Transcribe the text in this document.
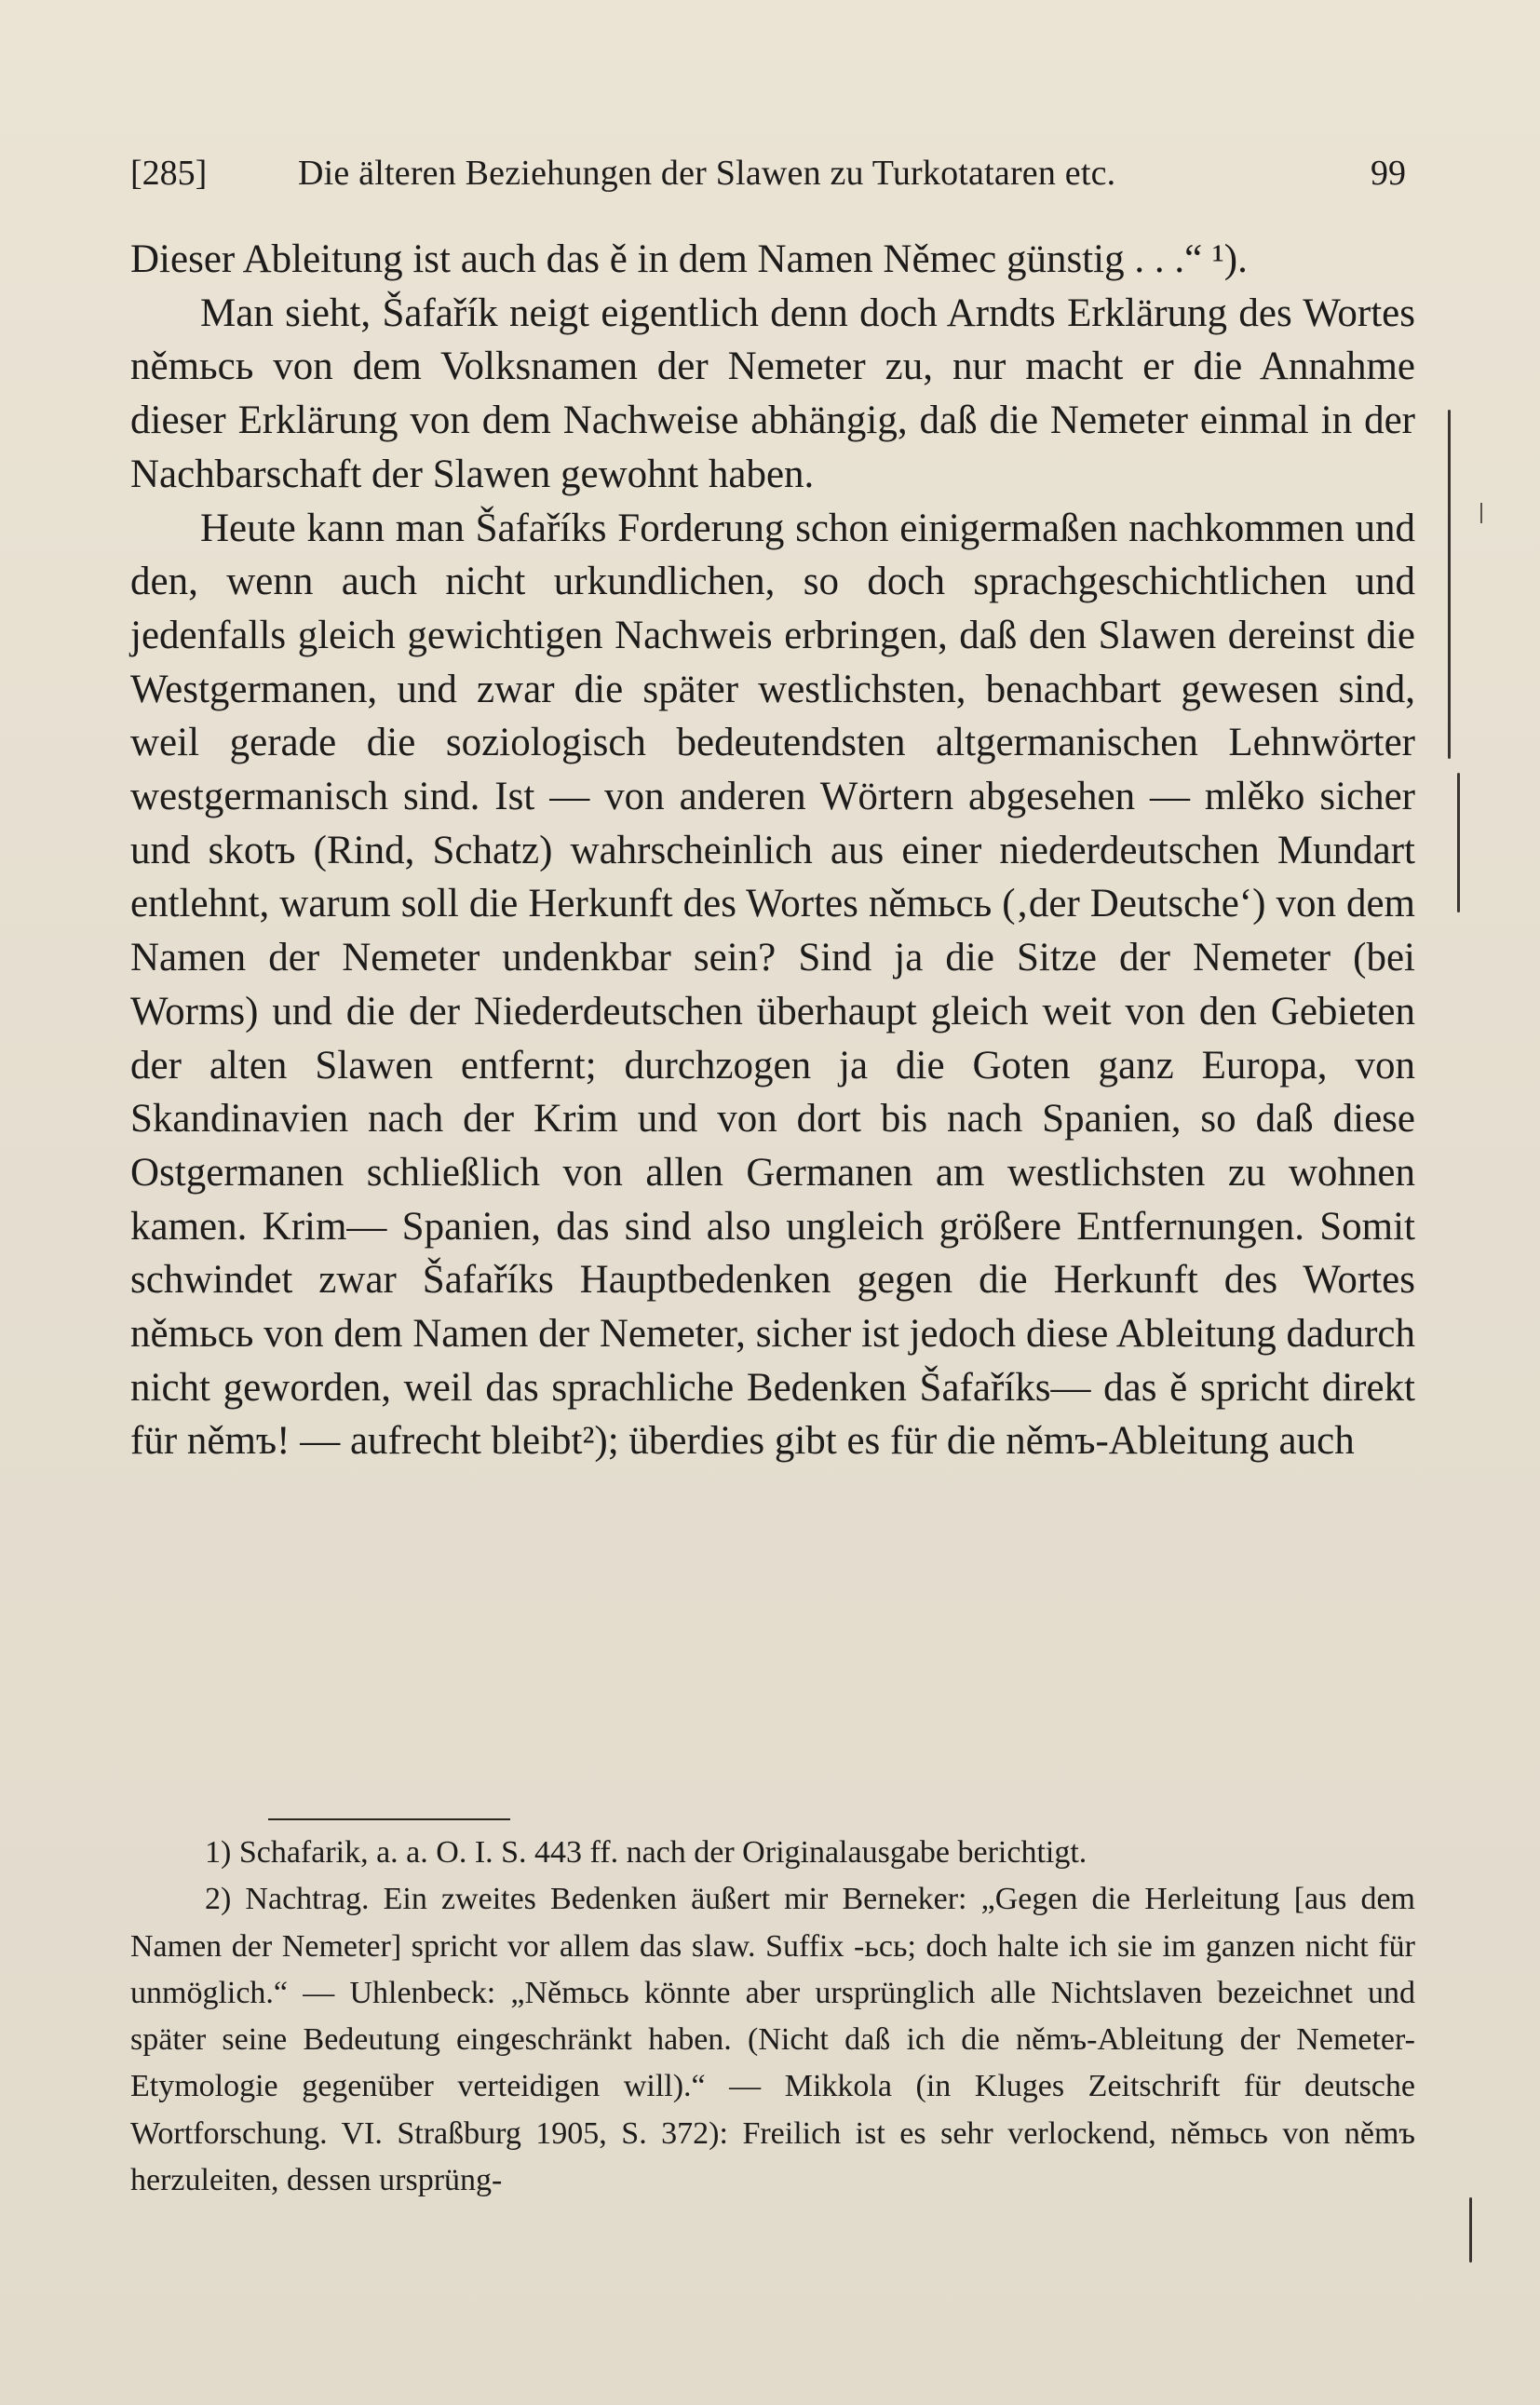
[285]	Die älteren Beziehungen der Slawen zu Turkotataren etc.	99

Dieser Ableitung ist auch das ě in dem Namen Němec günstig . . .“ ¹).

Man sieht, Šafařík neigt eigentlich denn doch Arndts Erklärung des Wortes němьcь von dem Volksnamen der Nemeter zu, nur macht er die Annahme dieser Erklärung von dem Nachweise abhängig, daß die Nemeter einmal in der Nachbarschaft der Slawen gewohnt haben.

Heute kann man Šafaříks Forderung schon einigermaßen nachkommen und den, wenn auch nicht urkundlichen, so doch sprachgeschichtlichen und jedenfalls gleich gewichtigen Nachweis erbringen, daß den Slawen dereinst die Westgermanen, und zwar die später westlichsten, benachbart gewesen sind, weil gerade die soziologisch bedeutendsten altgermanischen Lehnwörter westgermanisch sind. Ist — von anderen Wörtern abgesehen — mlěko sicher und skotъ (Rind, Schatz) wahrscheinlich aus einer niederdeutschen Mundart entlehnt, warum soll die Herkunft des Wortes němьcь (‚der Deutsche‘) von dem Namen der Nemeter undenkbar sein? Sind ja die Sitze der Nemeter (bei Worms) und die der Niederdeutschen überhaupt gleich weit von den Gebieten der alten Slawen entfernt; durchzogen ja die Goten ganz Europa, von Skandinavien nach der Krim und von dort bis nach Spanien, so daß diese Ostgermanen schließlich von allen Germanen am westlichsten zu wohnen kamen. Krim— Spanien, das sind also ungleich größere Entfernungen. Somit schwindet zwar Šafaříks Hauptbedenken gegen die Herkunft des Wortes němьcь von dem Namen der Nemeter, sicher ist jedoch diese Ableitung dadurch nicht geworden, weil das sprachliche Bedenken Šafaříks— das ě spricht direkt für němъ! — aufrecht bleibt²); überdies gibt es für die němъ-Ableitung auch

1) Schafarik, a. a. O. I. S. 443 ff. nach der Originalausgabe berichtigt.

2) Nachtrag. Ein zweites Bedenken äußert mir Berneker: „Gegen die Herleitung [aus dem Namen der Nemeter] spricht vor allem das slaw. Suffix -ьcь; doch halte ich sie im ganzen nicht für unmöglich.“ — Uhlenbeck: „Němьcь könnte aber ursprünglich alle Nichtslaven bezeichnet und später seine Bedeutung eingeschränkt haben. (Nicht daß ich die němъ-Ableitung der Nemeter-Etymologie gegenüber verteidigen will).“ — Mikkola (in Kluges Zeitschrift für deutsche Wortforschung. VI. Straßburg 1905, S. 372): Freilich ist es sehr verlockend, němьcь von němъ herzuleiten, dessen ursprüng-
